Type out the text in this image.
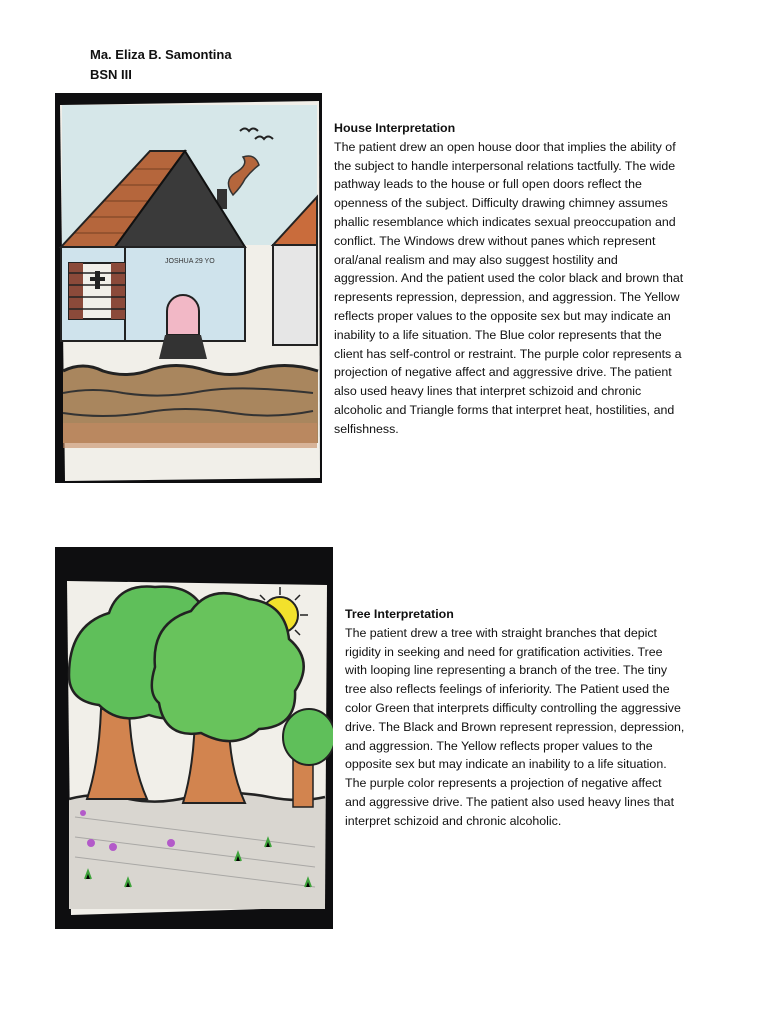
Ma. Eliza B. Samontina
BSN III
JOSHUA 29 YO
House Interpretation
The patient drew an open house door that implies the ability of the subject to handle interpersonal relations tactfully. The wide pathway leads to the house or full open doors reflect the openness of the subject. Difficulty drawing chimney assumes phallic resemblance which indicates sexual preoccupation and conflict. The Windows drew without panes which represent oral/anal realism and may also suggest hostility and aggression. And the patient used the color black and brown that represents repression, depression, and aggression. The Yellow reflects proper values to the opposite sex but may indicate an inability to a life situation. The Blue color represents that the client has self-control or restraint. The purple color represents a projection of negative affect and aggressive drive. The patient also used heavy lines that interpret schizoid and chronic alcoholic and Triangle forms that interpret heat, hostilities, and selfishness.
Tree Interpretation
The patient drew a tree with straight branches that depict rigidity in seeking and need for gratification activities. Tree with looping line representing a branch of the tree. The tiny tree also reflects feelings of inferiority. The Patient used the color Green that interprets difficulty controlling the aggressive drive. The Black and Brown represent repression, depression, and aggression. The Yellow reflects proper values to the opposite sex but may indicate an inability to a life situation. The purple color represents a projection of negative affect and aggressive drive. The patient also used heavy lines that interpret schizoid and chronic alcoholic.
